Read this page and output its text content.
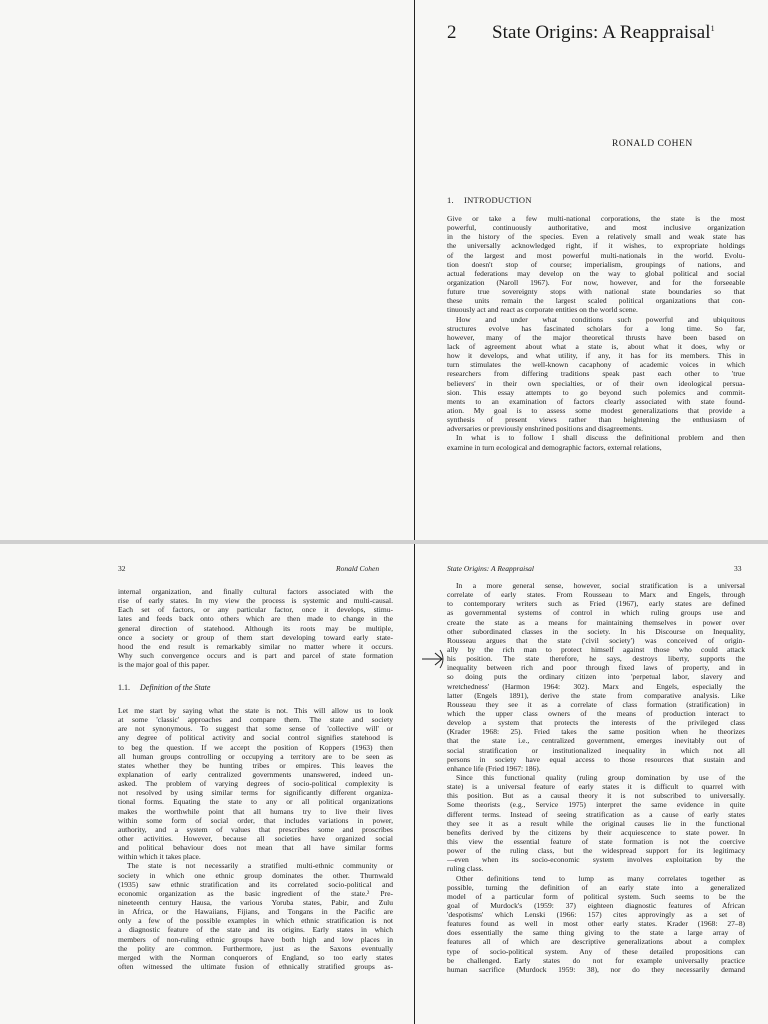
2 State Origins: A Reappraisal$^1$
RONALD COHEN
1. INTRODUCTION
Give or take a few multi-national corporations, the state is the most
powerful, continuously authoritative, and most inclusive organization
in the history of the species. Even a relatively small and weak state has
the universally acknowledged right, if it wishes, to expropriate holdings
of the largest and most powerful multi-nationals in the world. Evolu-
tion doesn't stop of course; imperialism, groupings of nations, and
actual federations may develop on the way to global political and social
organization (Naroll 1967). For now, however, and for the forseeable
future true sovereignty stops with national state boundaries so that
these units remain the largest scaled political organizations that con-
tinuously act and react as corporate entities on the world scene.
How and under what conditions such powerful and ubiquitous
structures evolve has fascinated scholars for a long time. So far,
however, many of the major theoretical thrusts have been based on
lack of agreement about what a state is, about what it does, why or
how it develops, and what utility, if any, it has for its members. This in
turn stimulates the well-known cacaphony of academic voices in which
researchers from differing traditions speak past each other to 'true
believers' in their own specialties, or of their own ideological persua-
sion. This essay attempts to go beyond such polemics and commit-
ments to an examination of factors clearly associated with state found-
ation. My goal is to assess some modest generalizations that provide a
synthesis of present views rather than heightening the enthusiasm of
adversaries or previously enshrined positions and disagreements.
In what is to follow I shall discuss the definitional problem and then
examine in turn ecological and demographic factors, external relations,
32	Ronald Cohen
internal organization, and finally cultural factors associated with the
rise of early states. In my view the process is systemic and multi-causal.
Each set of factors, or any particular factor, once it develops, stimu-
lates and feeds back onto others which are then made to change in the
general direction of statehood. Although its roots may be multiple,
once a society or group of them start developing toward early state-
hood the end result is remarkably similar no matter where it occurs.
Why such convergence occurs and is part and parcel of state formation
is the major goal of this paper.
1.1. Definition of the State
Let me start by saying what the state is not. This will allow us to look
at some 'classic' approaches and compare them. The state and society
are not synonymous. To suggest that some sense of 'collective will' or
any degree of political activity and social control signifies statehood is
to beg the question. If we accept the position of Koppers (1963) then
all human groups controlling or occupying a territory are to be seen as
states whether they be hunting tribes or empires. This leaves the
explanation of early centralized governments unanswered, indeed un-
asked. The problem of varying degrees of socio-political complexity is
not resolved by using similar terms for significantly different organiza-
tional forms. Equating the state to any or all political organizations
makes the worthwhile point that all humans try to live their lives
within some form of social order, that includes variations in power,
authority, and a system of values that prescribes some and proscribes
other activities. However, because all societies have organized social
and political behaviour does not mean that all have similar forms
within which it takes place.
The state is not necessarily a stratified multi-ethnic community or
society in which one ethnic group dominates the other. Thurnwald
(1935) saw ethnic stratification and its correlated socio-political and
economic organization as the basic ingredient of the state.² Pre-
nineteenth century Hausa, the various Yoruba states, Pabir, and Zulu
in Africa, or the Hawaiians, Fijians, and Tongans in the Pacific are
only a few of the possible examples in which ethnic stratification is not
a diagnostic feature of the state and its origins. Early states in which
members of non-ruling ethnic groups have both high and low places in
the polity are common. Furthermore, just as the Saxons eventually
merged with the Norman conquerors of England, so too early states
often witnessed the ultimate fusion of ethnically stratified groups as-
State Origins: A Reappraisal	33
In a more general sense, however, social stratification is a universal
correlate of early states. From Rousseau to Marx and Engels, through
to contemporary writers such as Fried (1967), early states are defined
as governmental systems of control in which ruling groups use and
create the state as a means for maintaining themselves in power over
other subordinated classes in the society. In his Discourse on Inequality,
Rousseau argues that the state ('civil society') was conceived of origin-
ally by the rich man to protect himself against those who could attack
his position. The state therefore, he says, destroys liberty, supports the
inequality between rich and poor through fixed laws of property, and in
so doing puts the ordinary citizen into 'perpetual labor, slavery and
wretchedness' (Harmon 1964: 302). Marx and Engels, especially the
latter (Engels 1891), derive the state from comparative analysis. Like
Rousseau they see it as a correlate of class formation (stratification) in
which the upper class owners of the means of production interact to
develop a system that protects the interests of the privileged class
(Krader 1968: 25). Fried takes the same position when he theorizes
that the state i.e., centralized government, emerges inevitably out of
social stratification or institutionalized inequality in which not all
persons in society have equal access to those resources that sustain and
enhance life (Fried 1967: 186).
Since this functional quality (ruling group domination by use of the
state) is a universal feature of early states it is difficult to quarrel with
this position. But as a causal theory it is not subscribed to universally.
Some theorists (e.g., Service 1975) interpret the same evidence in quite
different terms. Instead of seeing stratification as a cause of early states
they see it as a result while the original causes lie in the functional
benefits derived by the citizens by their acquiescence to state power. In
this view the essential feature of state formation is not the coercive
power of the ruling class, but the widespread support for its legitimacy
—even when its socio-economic system involves exploitation by the
ruling class.
Other definitions tend to lump as many correlates together as
possible, turning the definition of an early state into a generalized
model of a particular form of political system. Such seems to be the
goal of Murdock's (1959: 37) eighteen diagnostic features of African
'despotisms' which Lenski (1966: 157) cites approvingly as a set of
features found as well in most other early states. Krader (1968: 27–8)
does essentially the same thing giving to the state a large array of
features all of which are descriptive generalizations about a complex
type of socio-political system. Any of these detailed propositions can
be challenged. Early states do not for example universally practice
human sacrifice (Murdock 1959: 38), nor do they necessarily demand
